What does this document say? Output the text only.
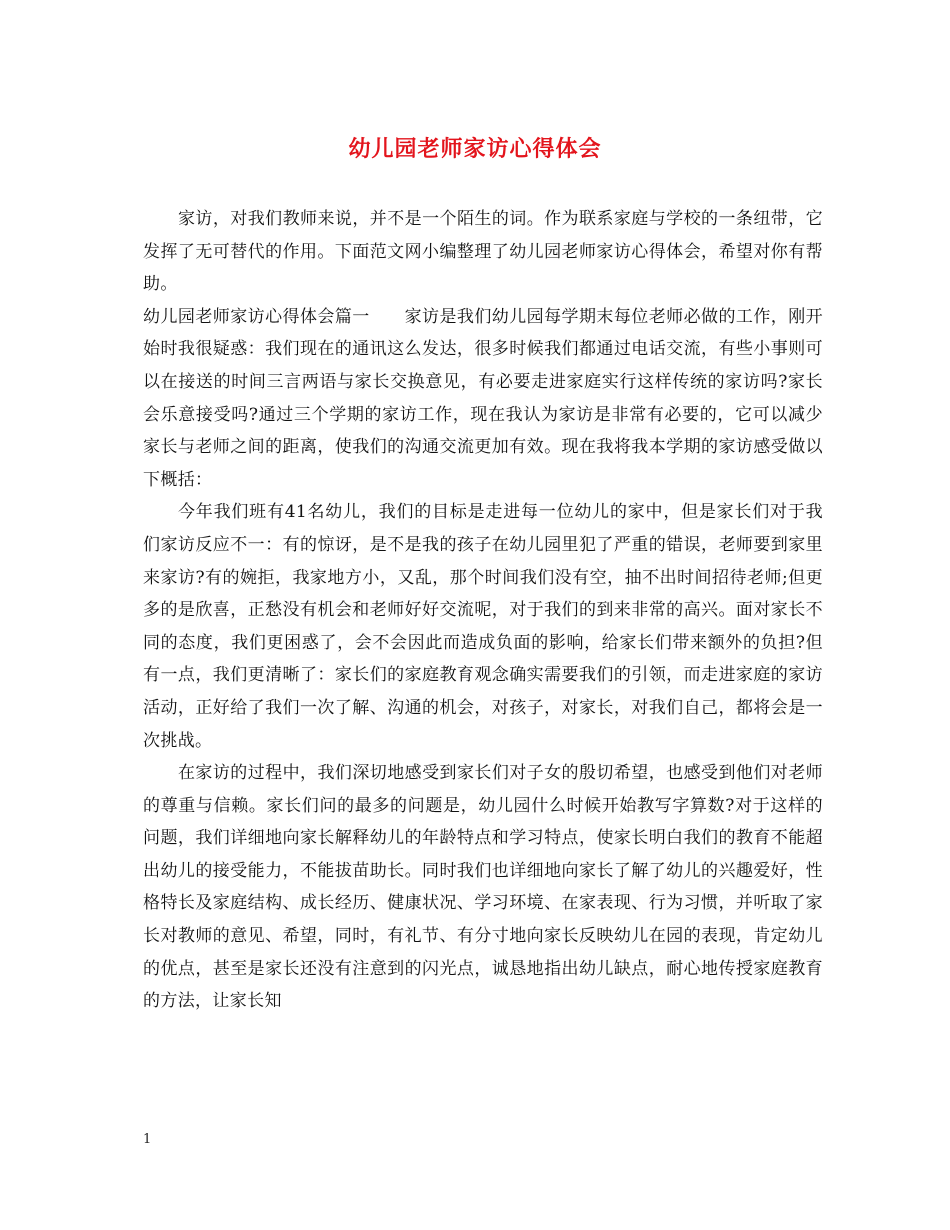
幼儿园老师家访心得体会

家访，对我们教师来说，并不是一个陌生的词。作为联系家庭与学校的一条纽带，它发挥了无可替代的作用。下面范文网小编整理了幼儿园老师家访心得体会，希望对你有帮助。

幼儿园老师家访心得体会篇一　　家访是我们幼儿园每学期末每位老师必做的工作，刚开始时我很疑惑：我们现在的通讯这么发达，很多时候我们都通过电话交流，有些小事则可以在接送的时间三言两语与家长交换意见，有必要走进家庭实行这样传统的家访吗?家长会乐意接受吗?通过三个学期的家访工作，现在我认为家访是非常有必要的，它可以减少家长与老师之间的距离，使我们的沟通交流更加有效。现在我将我本学期的家访感受做以下概括：

今年我们班有41名幼儿，我们的目标是走进每一位幼儿的家中，但是家长们对于我们家访反应不一：有的惊讶，是不是我的孩子在幼儿园里犯了严重的错误，老师要到家里来家访?有的婉拒，我家地方小，又乱，那个时间我们没有空，抽不出时间招待老师;但更多的是欣喜，正愁没有机会和老师好好交流呢，对于我们的到来非常的高兴。面对家长不同的态度，我们更困惑了，会不会因此而造成负面的影响，给家长们带来额外的负担?但有一点，我们更清晰了：家长们的家庭教育观念确实需要我们的引领，而走进家庭的家访活动，正好给了我们一次了解、沟通的机会，对孩子，对家长，对我们自己，都将会是一次挑战。

在家访的过程中，我们深切地感受到家长们对子女的殷切希望，也感受到他们对老师的尊重与信赖。家长们问的最多的问题是，幼儿园什么时候开始教写字算数?对于这样的问题，我们详细地向家长解释幼儿的年龄特点和学习特点，使家长明白我们的教育不能超出幼儿的接受能力，不能拔苗助长。同时我们也详细地向家长了解了幼儿的兴趣爱好，性格特长及家庭结构、成长经历、健康状况、学习环境、在家表现、行为习惯，并听取了家长对教师的意见、希望，同时，有礼节、有分寸地向家长反映幼儿在园的表现，肯定幼儿的优点，甚至是家长还没有注意到的闪光点，诚恳地指出幼儿缺点，耐心地传授家庭教育的方法，让家长知

1
